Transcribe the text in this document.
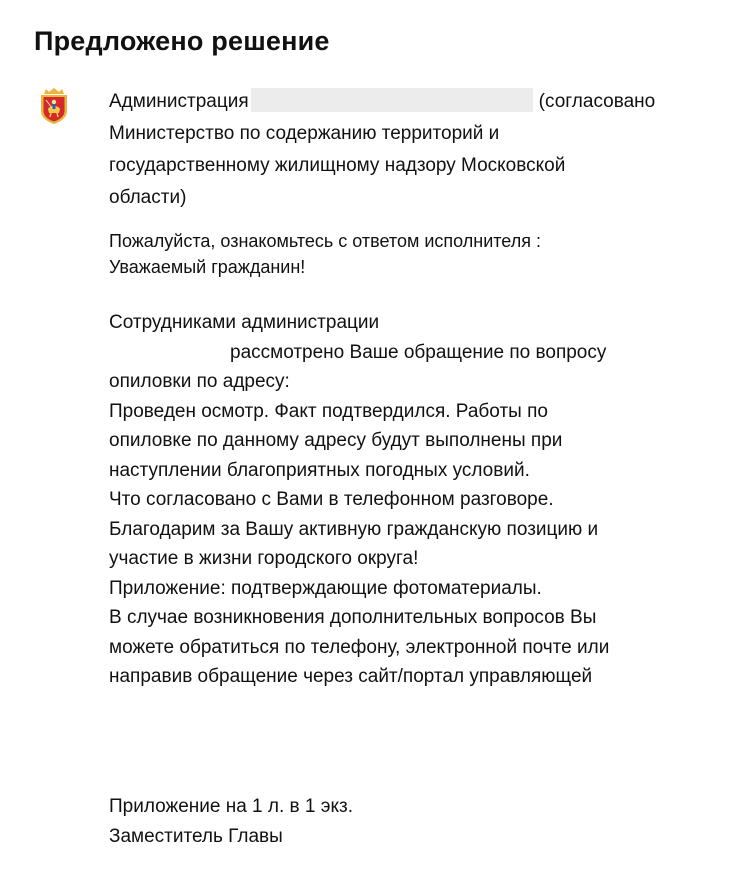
Предложено решение
Администрация	(согласовано
Министерство по содержанию территорий и
государственному жилищному надзору Московской
области)
Пожалуйста, ознакомьтесь с ответом исполнителя :
Уважаемый гражданин!
Сотрудниками администрации
рассмотрено Ваше обращение по вопросу
опиловки по адресу:
Проведен осмотр. Факт подтвердился. Работы по
опиловке по данному адресу будут выполнены при
наступлении благоприятных погодных условий.
Что согласовано с Вами в телефонном разговоре.
Благодарим за Вашу активную гражданскую позицию и
участие в жизни городского округа!
Приложение: подтверждающие фотоматериалы.
В случае возникновения дополнительных вопросов Вы
можете обратиться по телефону, электронной почте или
направив обращение через сайт/портал управляющей
Приложение на 1 л. в 1 экз.
Заместитель Главы
